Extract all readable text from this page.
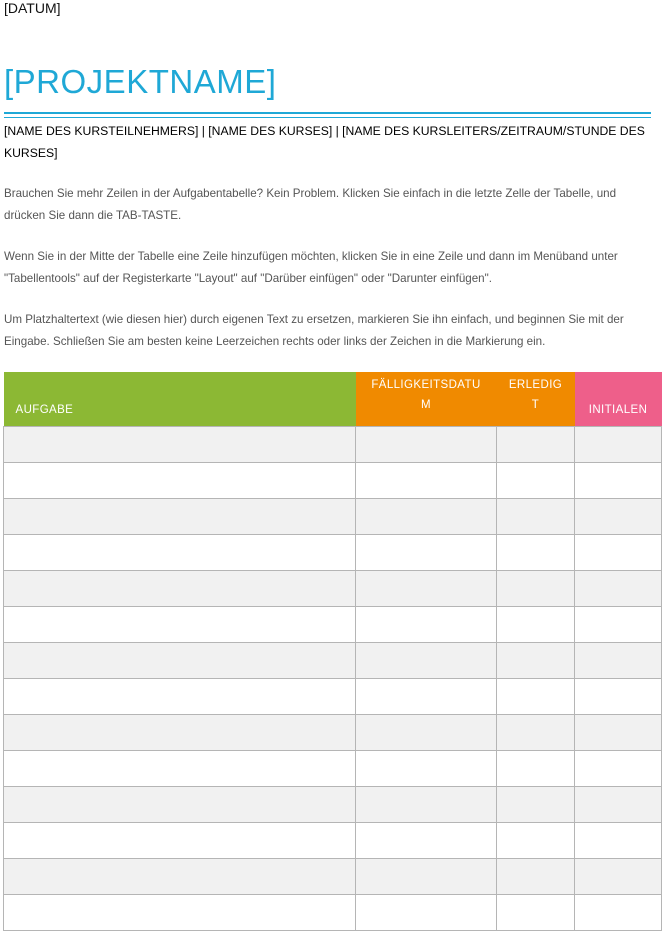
[DATUM]
[PROJEKTNAME]
[NAME DES KURSTEILNEHMERS] | [NAME DES KURSES] | [NAME DES KURSLEITERS/ZEITRAUM/STUNDE DES KURSES]
Brauchen Sie mehr Zeilen in der Aufgabentabelle? Kein Problem. Klicken Sie einfach in die letzte Zelle der Tabelle, und drücken Sie dann die TAB-TASTE.
Wenn Sie in der Mitte der Tabelle eine Zeile hinzufügen möchten, klicken Sie in eine Zeile und dann im Menüband unter "Tabellentools" auf der Registerkarte "Layout" auf "Darüber einfügen" oder "Darunter einfügen".
Um Platzhaltertext (wie diesen hier) durch eigenen Text zu ersetzen, markieren Sie ihn einfach, und beginnen Sie mit der Eingabe. Schließen Sie am besten keine Leerzeichen rechts oder links der Zeichen in die Markierung ein.
AUFGABE	FÄLLIGKEITSDATUM	ERLEDIGT	INITIALEN
